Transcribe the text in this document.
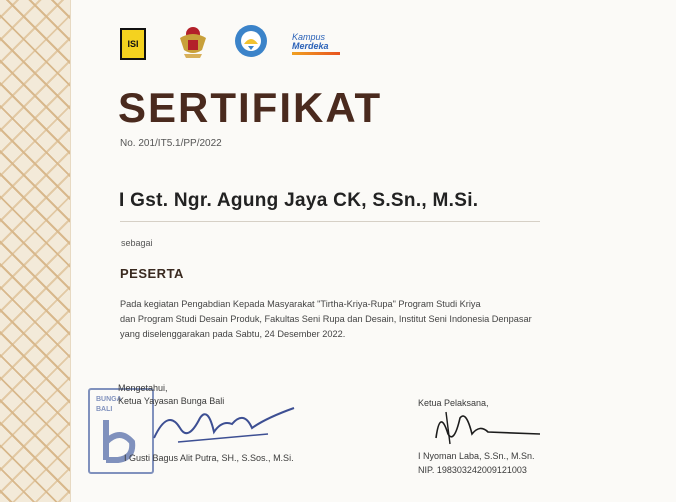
ISI
Kampus
Merdeka
SERTIFIKAT
No. 201/IT5.1/PP/2022
I Gst. Ngr. Agung Jaya CK, S.Sn., M.Si.
sebagai
PESERTA
Pada kegiatan Pengabdian Kepada Masyarakat "Tirtha-Kriya-Rupa" Program Studi Kriya
dan Program Studi Desain Produk, Fakultas Seni Rupa dan Desain, Institut Seni Indonesia Denpasar
yang diselenggarakan pada Sabtu, 24 Desember 2022.
BUNGA
BALI
Mengetahui,
Ketua Yayasan Bunga Bali
I Gusti Bagus Alit Putra, SH., S.Sos., M.Si.
Ketua Pelaksana,
I Nyoman Laba, S.Sn., M.Sn.
NIP. 198303242009121003
